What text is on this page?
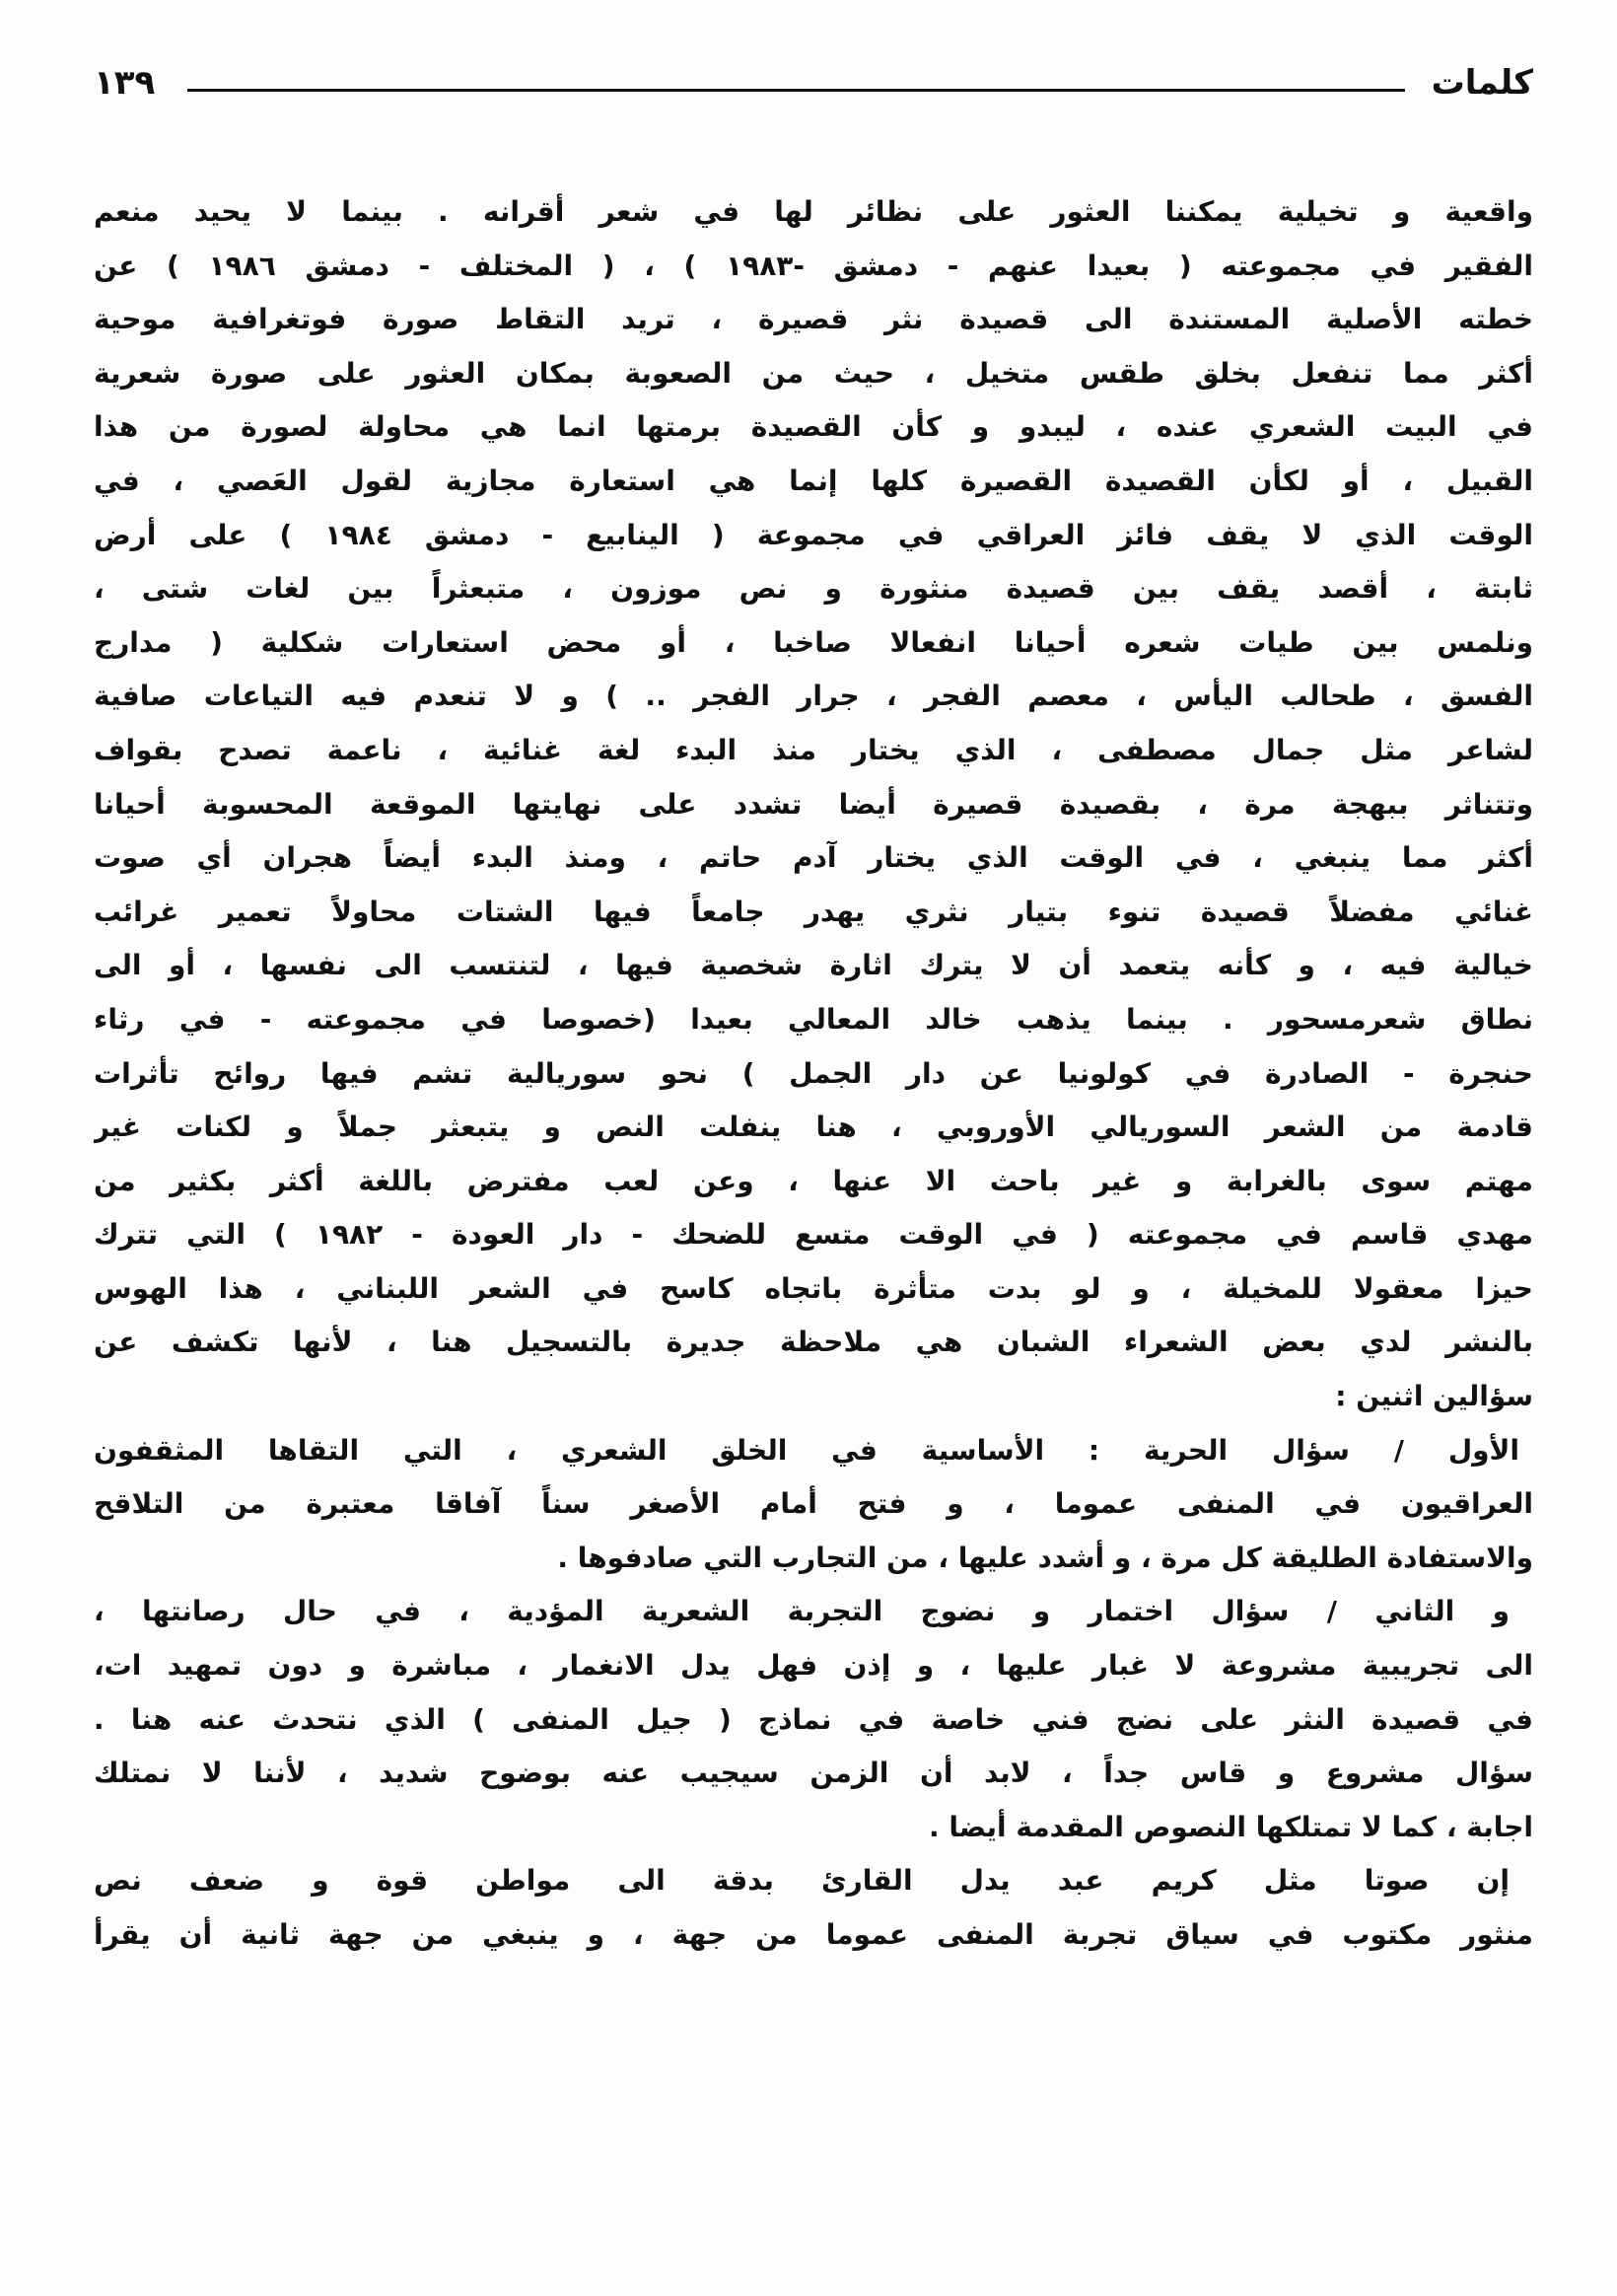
كلمات
١٣٩
واقعية و تخيلية يمكننا العثور على نظائر لها في شعر أقرانه . بينما لا يحيد منعم
الفقير في مجموعته ( بعيدا عنهم - دمشق -١٩٨٣ ) ، ( المختلف - دمشق ١٩٨٦ ) عن
خطته الأصلية المستندة الى قصيدة نثر قصيرة ، تريد التقاط صورة فوتغرافية موحية
أكثر مما تنفعل بخلق طقس متخيل ، حيث من الصعوبة بمكان العثور على صورة شعرية
في البيت الشعري عنده ، ليبدو و كأن القصيدة برمتها انما هي محاولة لصورة من هذا
القبيل ، أو لكأن القصيدة القصيرة كلها إنما هي استعارة مجازية لقول العَصي ، في
الوقت الذي لا يقف فائز العراقي في مجموعة ( الينابيع - دمشق ١٩٨٤ ) على أرض
ثابتة ، أقصد يقف بين قصيدة منثورة و نص موزون ، متبعثراً بين لغات شتى ،
ونلمس بين طيات شعره أحيانا انفعالا صاخبا ، أو محض استعارات شكلية ( مدارج
الفسق ، طحالب اليأس ، معصم الفجر ، جرار الفجر .. ) و لا تنعدم فيه التياعات صافية
لشاعر مثل جمال مصطفى ، الذي يختار منذ البدء لغة غنائية ، ناعمة تصدح بقواف
وتتناثر ببهجة مرة ، بقصيدة قصيرة أيضا تشدد على نهايتها الموقعة المحسوبة أحيانا
أكثر مما ينبغي ، في الوقت الذي يختار آدم حاتم ، ومنذ البدء أيضاً هجران أي صوت
غنائي مفضلاً قصيدة تنوء بتيار نثري يهدر جامعاً فيها الشتات محاولاً تعمير غرائب
خيالية فيه ، و كأنه يتعمد أن لا يترك اثارة شخصية فيها ، لتنتسب الى نفسها ، أو الى
نطاق شعرمسحور . بينما يذهب خالد المعالي بعيدا (خصوصا في مجموعته - في رثاء
حنجرة - الصادرة في كولونيا عن دار الجمل ) نحو سوريالية تشم فيها روائح تأثرات
قادمة من الشعر السوريالي الأوروبي ، هنا ينفلت النص و يتبعثر جملاً و لكنات غير
مهتم سوى بالغرابة و غير باحث الا عنها ، وعن لعب مفترض باللغة أكثر بكثير من
مهدي قاسم في مجموعته ( في الوقت متسع للضحك - دار العودة - ١٩٨٢ ) التي تترك
حيزا معقولا للمخيلة ، و لو بدت متأثرة باتجاه كاسح في الشعر اللبناني ، هذا الهوس
بالنشر لدي بعض الشعراء الشبان هي ملاحظة جديرة بالتسجيل هنا ، لأنها تكشف عن
سؤالين اثنين :
الأول / سؤال الحرية : الأساسية في الخلق الشعري ، التي التقاها المثقفون
العراقيون في المنفى عموما ، و فتح أمام الأصغر سناً آفاقا معتبرة من التلاقح
والاستفادة الطليقة كل مرة ، و أشدد عليها ، من التجارب التي صادفوها .
و الثاني / سؤال اختمار و نضوج التجربة الشعرية المؤدية ، في حال رصانتها ،
الى تجريبية مشروعة لا غبار عليها ، و إذن فهل يدل الانغمار ، مباشرة و دون تمهيد ات،
في قصيدة النثر على نضج فني خاصة في نماذج ( جيل المنفى ) الذي نتحدث عنه هنا .
سؤال مشروع و قاس جداً ، لابد أن الزمن سيجيب عنه بوضوح شديد ، لأننا لا نمتلك
اجابة ، كما لا تمتلكها النصوص المقدمة أيضا .
إن صوتا مثل كريم عبد يدل القارئ بدقة الى مواطن قوة و ضعف نص
منثور مكتوب في سياق تجربة المنفى عموما من جهة ، و ينبغي من جهة ثانية أن يقرأ
